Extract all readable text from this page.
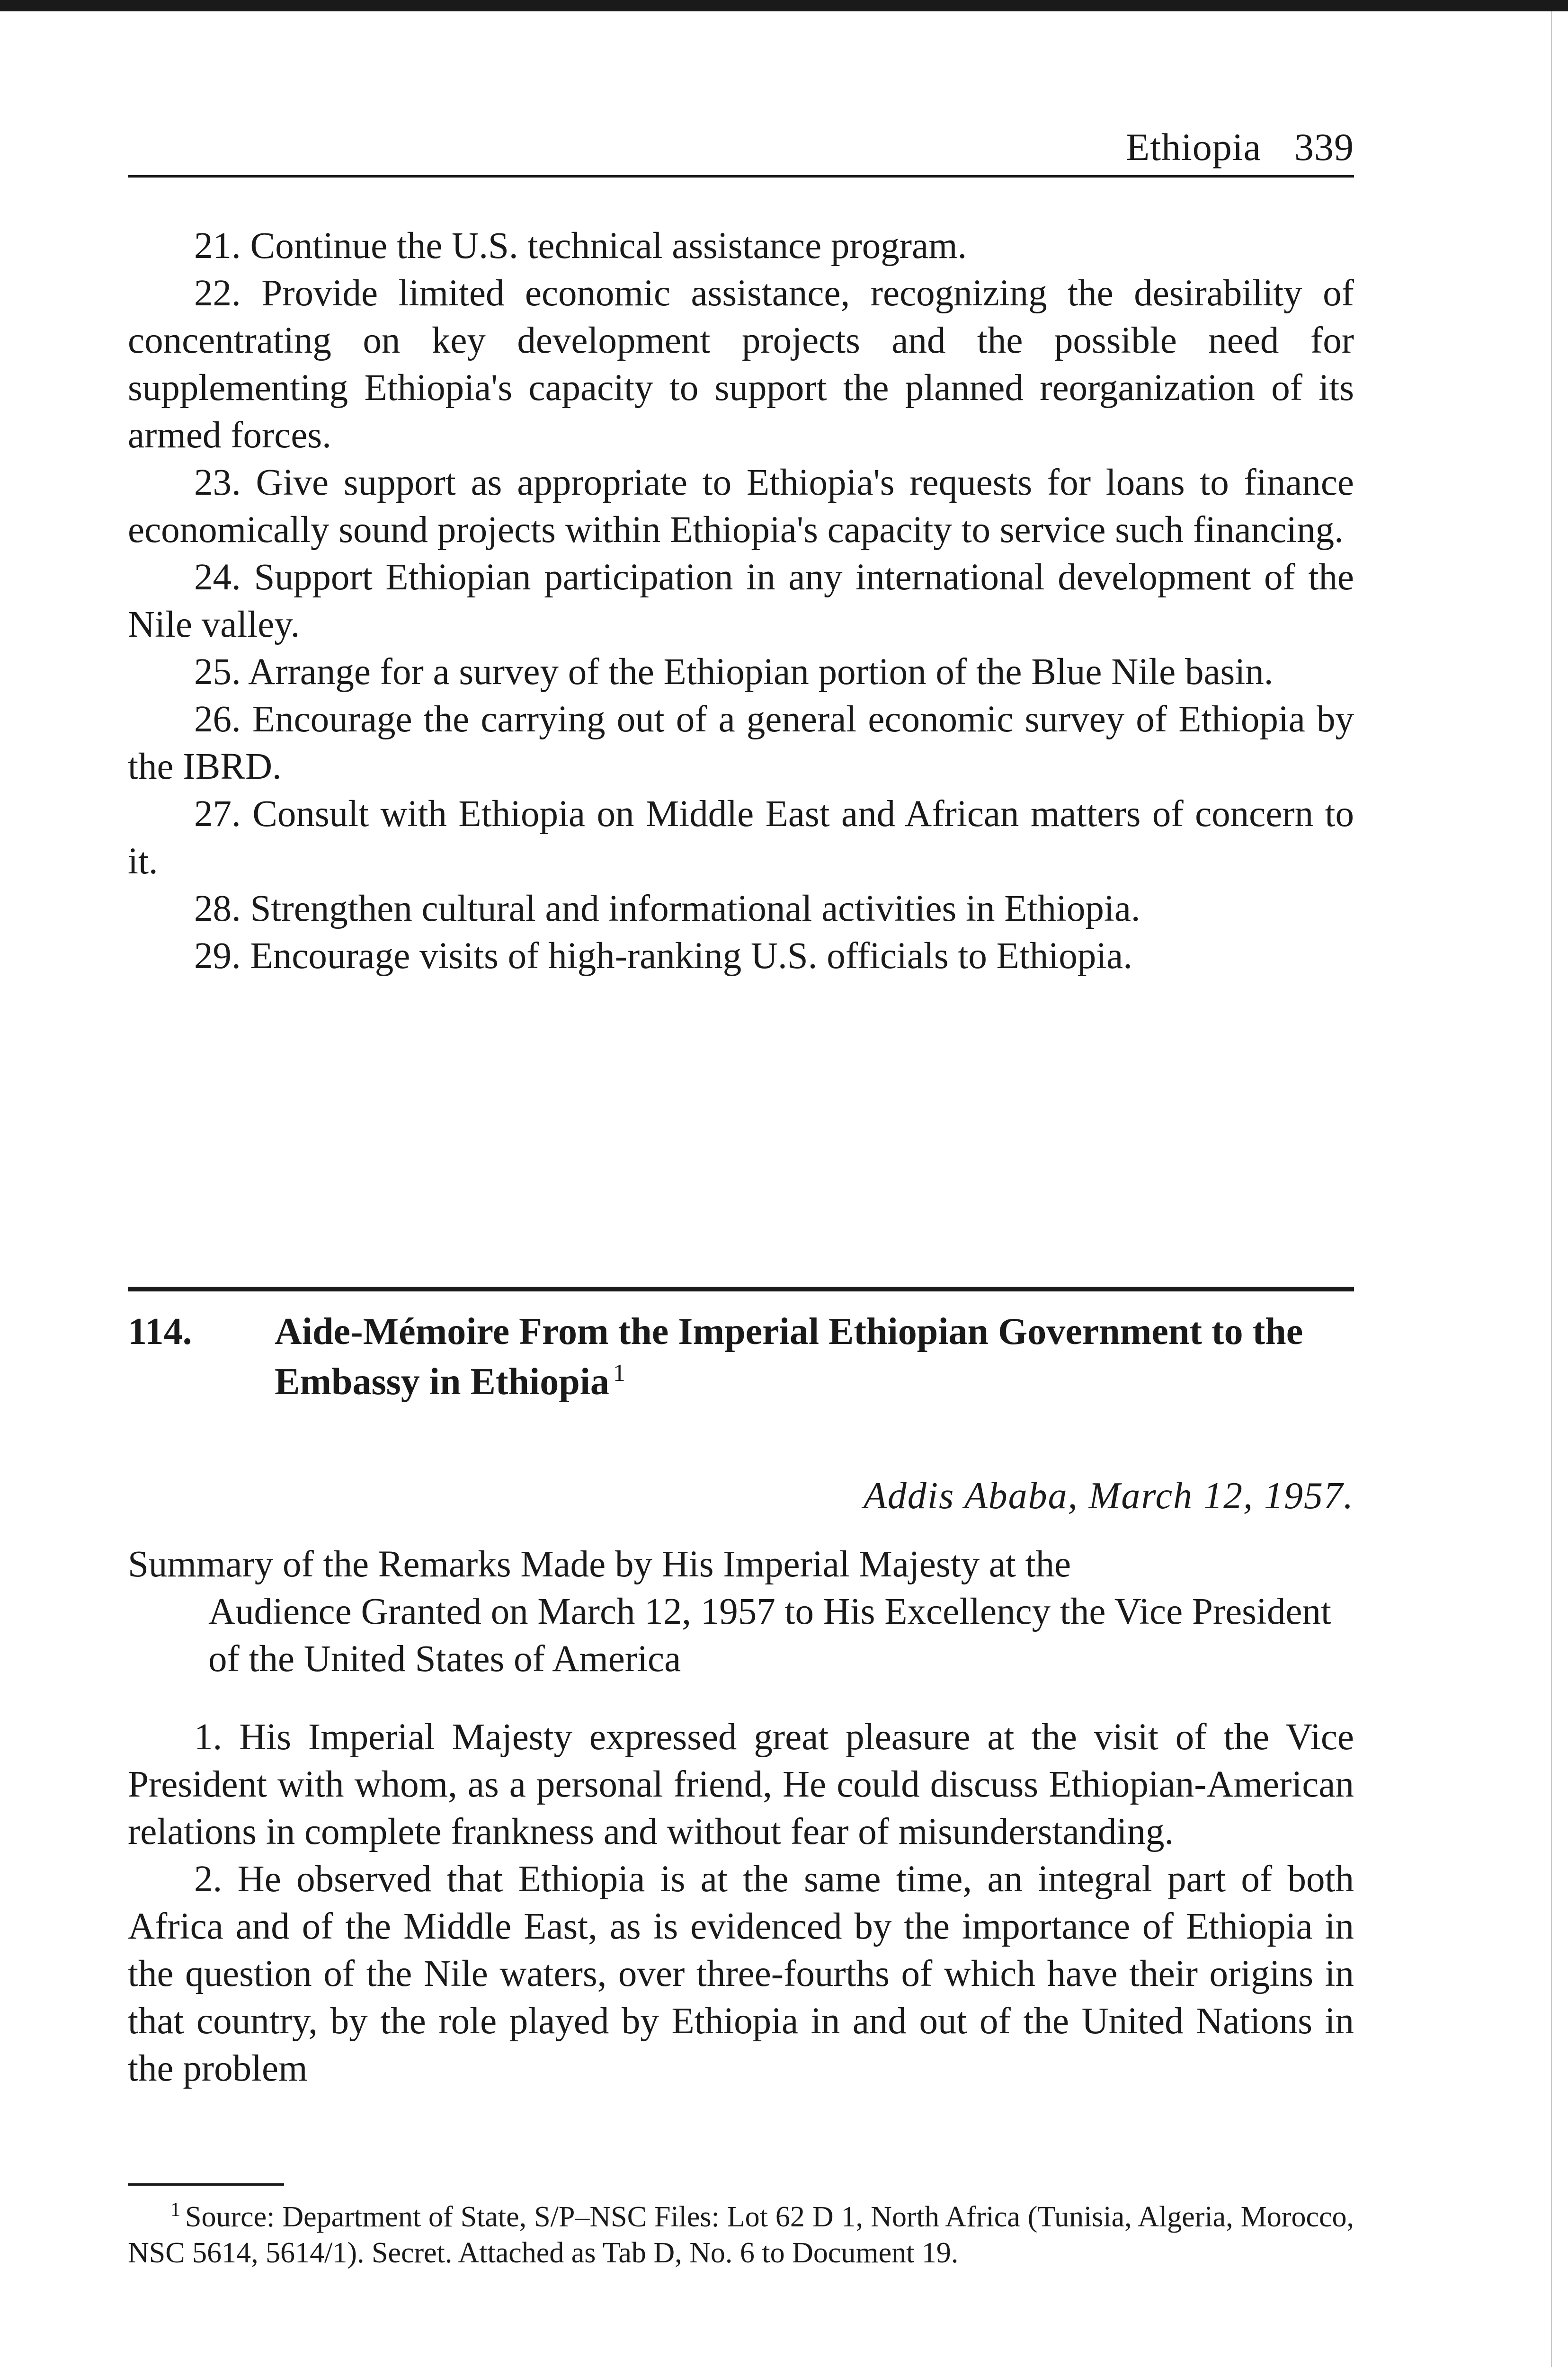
Ethiopia 339

21. Continue the U.S. technical assistance program.

22. Provide limited economic assistance, recognizing the desirability of concentrating on key development projects and the possible need for supplementing Ethiopia's capacity to support the planned reorganization of its armed forces.

23. Give support as appropriate to Ethiopia's requests for loans to finance economically sound projects within Ethiopia's capacity to service such financing.

24. Support Ethiopian participation in any international development of the Nile valley.

25. Arrange for a survey of the Ethiopian portion of the Blue Nile basin.

26. Encourage the carrying out of a general economic survey of Ethiopia by the IBRD.

27. Consult with Ethiopia on Middle East and African matters of concern to it.

28. Strengthen cultural and informational activities in Ethiopia.

29. Encourage visits of high-ranking U.S. officials to Ethiopia.

114.	Aide-Mémoire From the Imperial Ethiopian Government to the Embassy in Ethiopia $^1$
Addis Ababa, March 12, 1957.

Summary of the Remarks Made by His Imperial Majesty at the

Audience Granted on March 12, 1957 to His Excellency the Vice President of the United States of America

1. His Imperial Majesty expressed great pleasure at the visit of the Vice President with whom, as a personal friend, He could discuss Ethiopian-American relations in complete frankness and without fear of misunderstanding.

2. He observed that Ethiopia is at the same time, an integral part of both Africa and of the Middle East, as is evidenced by the importance of Ethiopia in the question of the Nile waters, over three-fourths of which have their origins in that country, by the role played by Ethiopia in and out of the United Nations in the problem

$^1$ Source: Department of State, S/P–NSC Files: Lot 62 D 1, North Africa (Tunisia, Algeria, Morocco, NSC 5614, 5614/1). Secret. Attached as Tab D, No. 6 to Document 19.
